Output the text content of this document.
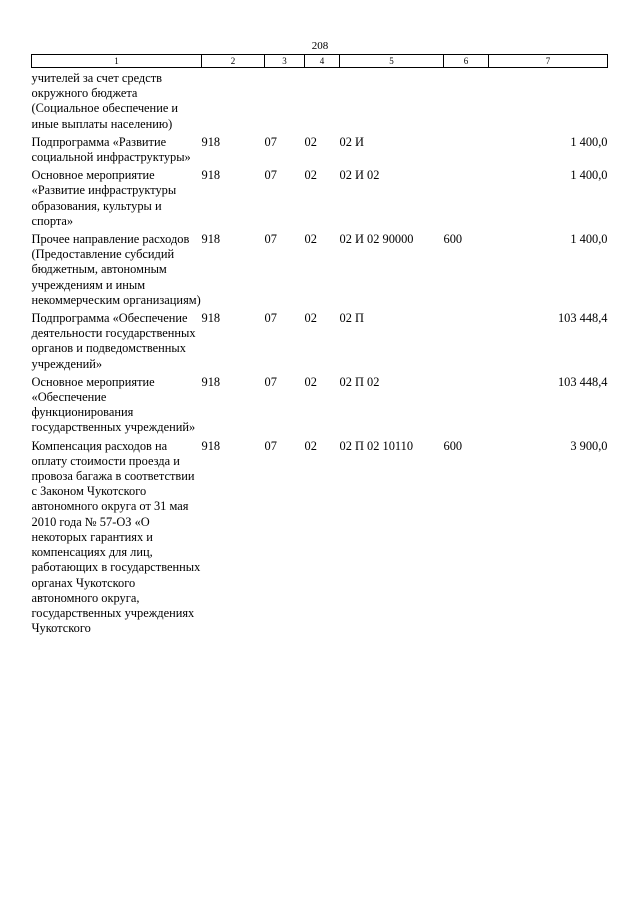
208
1	2	3	4	5	6	7
учителей за счет средств окружного бюджета (Социальное обеспечение и иные выплаты населению)						
Подпрограмма «Развитие социальной инфраструктуры»	918	07	02	02 И		1 400,0
Основное мероприятие «Развитие инфраструктуры образования, культуры и спорта»	918	07	02	02 И 02		1 400,0
Прочее направление расходов (Предоставление субсидий бюджетным, автономным учреждениям и иным некоммерческим организациям)	918	07	02	02 И 02 90000	600	1 400,0
Подпрограмма «Обеспечение деятельности государственных органов и подведомственных учреждений»	918	07	02	02 П		103 448,4
Основное мероприятие «Обеспечение функционирования государственных учреждений»	918	07	02	02 П 02		103 448,4
Компенсация расходов на оплату стоимости проезда и провоза багажа в соответствии с Законом Чукотского автономного округа от 31 мая 2010 года № 57-ОЗ «О некоторых гарантиях и компенсациях для лиц, работающих в государственных органах Чукотского автономного округа, государственных учреждениях Чукотского	918	07	02	02 П 02 10110	600	3 900,0
